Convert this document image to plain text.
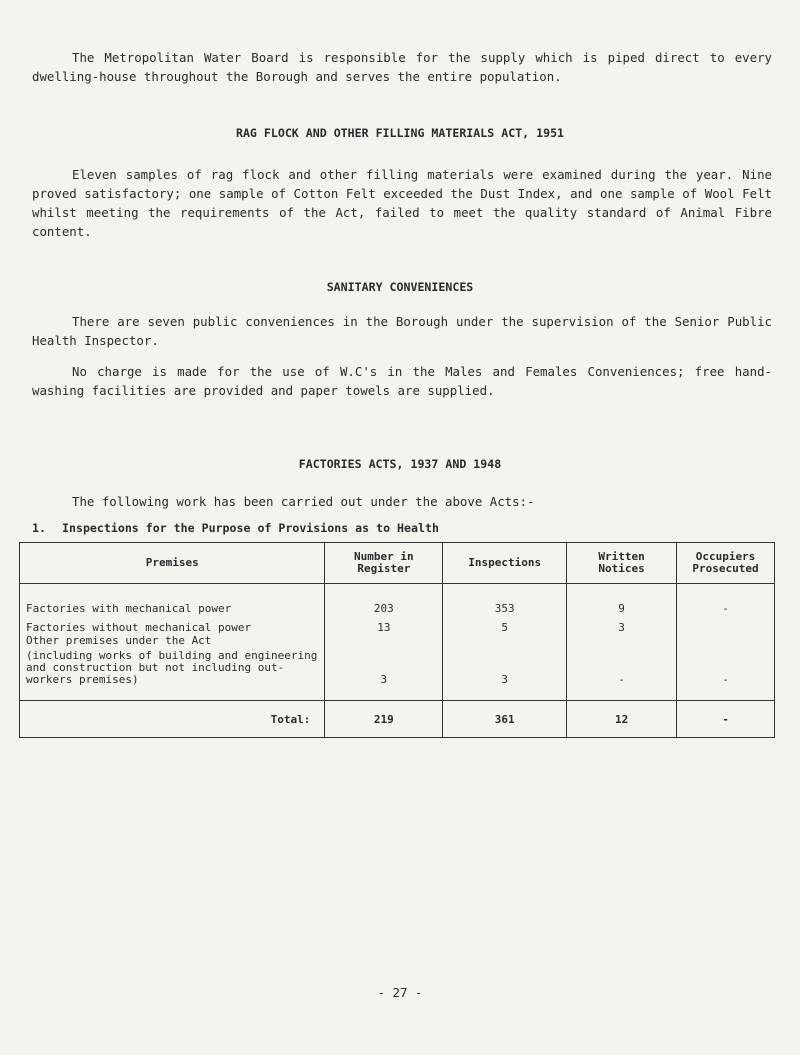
The Metropolitan Water Board is responsible for the supply which is piped direct to every dwelling-house throughout the Borough and serves the entire population.

RAG FLOCK AND OTHER FILLING MATERIALS ACT, 1951

Eleven samples of rag flock and other filling materials were examined during the year. Nine proved satisfactory; one sample of Cotton Felt exceeded the Dust Index, and one sample of Wool Felt whilst meeting the requirements of the Act, failed to meet the quality standard of Animal Fibre content.

SANITARY CONVENIENCES

There are seven public conveniences in the Borough under the supervision of the Senior Public Health Inspector.

No charge is made for the use of W.C's in the Males and Females Conveniences; free hand-washing facilities are provided and paper towels are supplied.

FACTORIES ACTS, 1937 AND 1948

The following work has been carried out under the above Acts:-

1. Inspections for the Purpose of Provisions as to Health

Premises	Number in Register	Inspections	Written Notices	Occupiers Prosecuted
Factories with mechanical power	203	353	9	-
Factories without mechanical power	13	5	3	
Other premises under the Act				
(including works of building and engineering and construction but not including out-workers premises)	3	3	-	-
Total:	219	361	12	-

- 27 -
